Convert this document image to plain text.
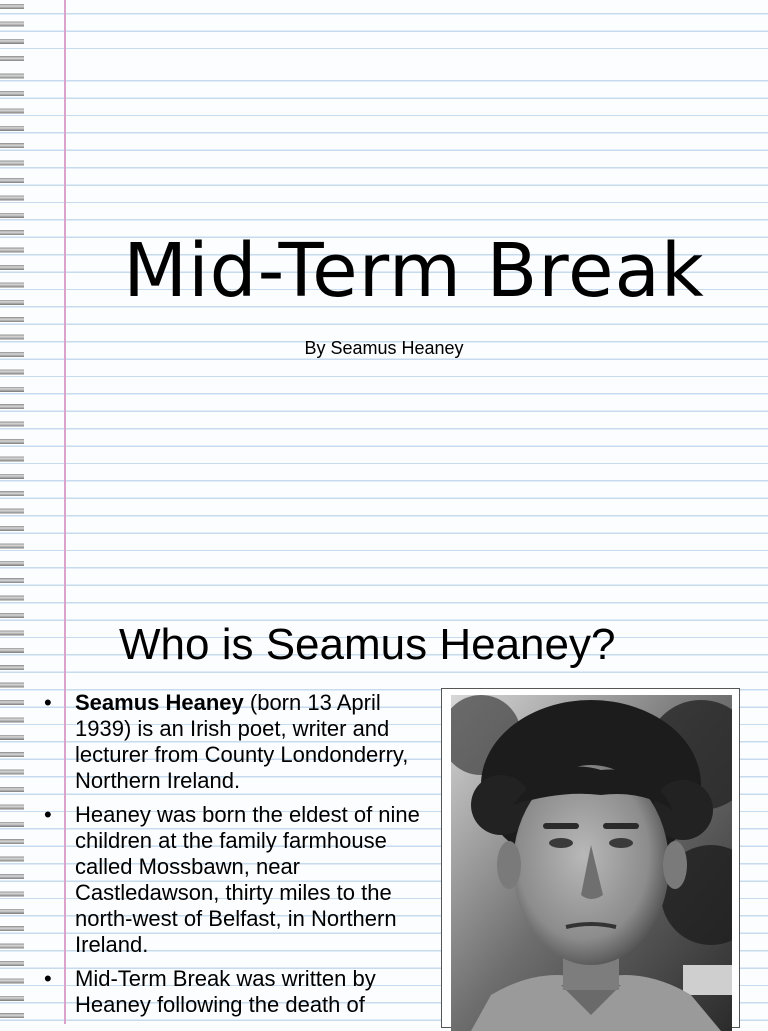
Mid-Term Break
By Seamus Heaney
Who is Seamus Heaney?
• Seamus Heaney (born 13 April 1939) is an Irish poet, writer and lecturer from County Londonderry, Northern Ireland.
• Heaney was born the eldest of nine children at the family farmhouse called Mossbawn, near Castledawson, thirty miles to the north-west of Belfast, in Northern Ireland.
• Mid-Term Break was written by Heaney following the death of
